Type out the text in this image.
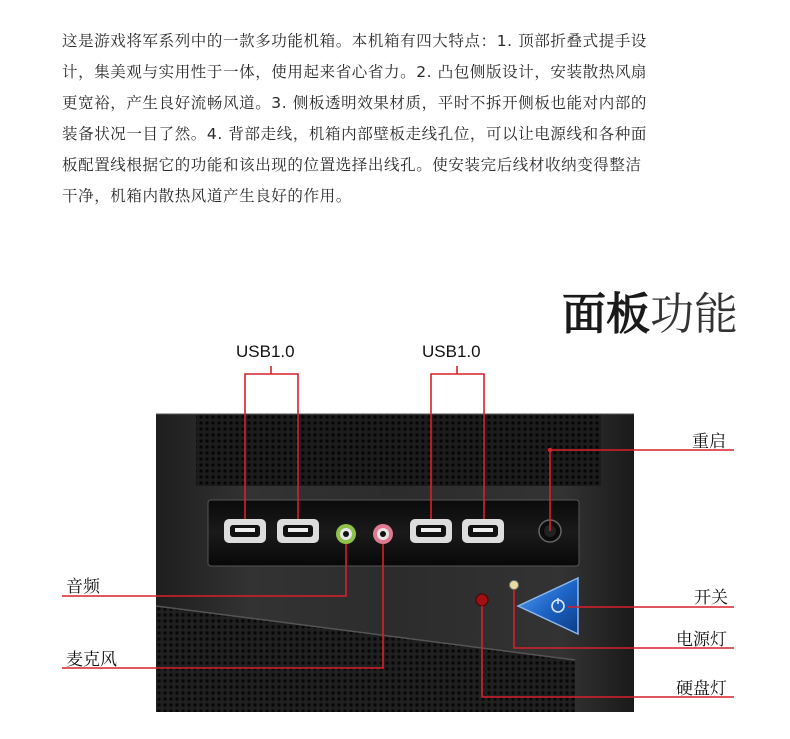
这是游戏将军系列中的一款多功能机箱。本机箱有四大特点：1. 顶部折叠式提手设

计，集美观与实用性于一体，使用起来省心省力。2. 凸包侧版设计，安装散热风扇

更宽裕，产生良好流畅风道。3. 侧板透明效果材质，平时不拆开侧板也能对内部的

装备状况一目了然。4. 背部走线，机箱内部壁板走线孔位，可以让电源线和各种面

板配置线根据它的功能和该出现的位置选择出线孔。使安装完后线材收纳变得整洁

干净，机箱内散热风道产生良好的作用。

面板功能
USB1.0	USB1.0
重启
音频
开关
麦克风
电源灯
硬盘灯
